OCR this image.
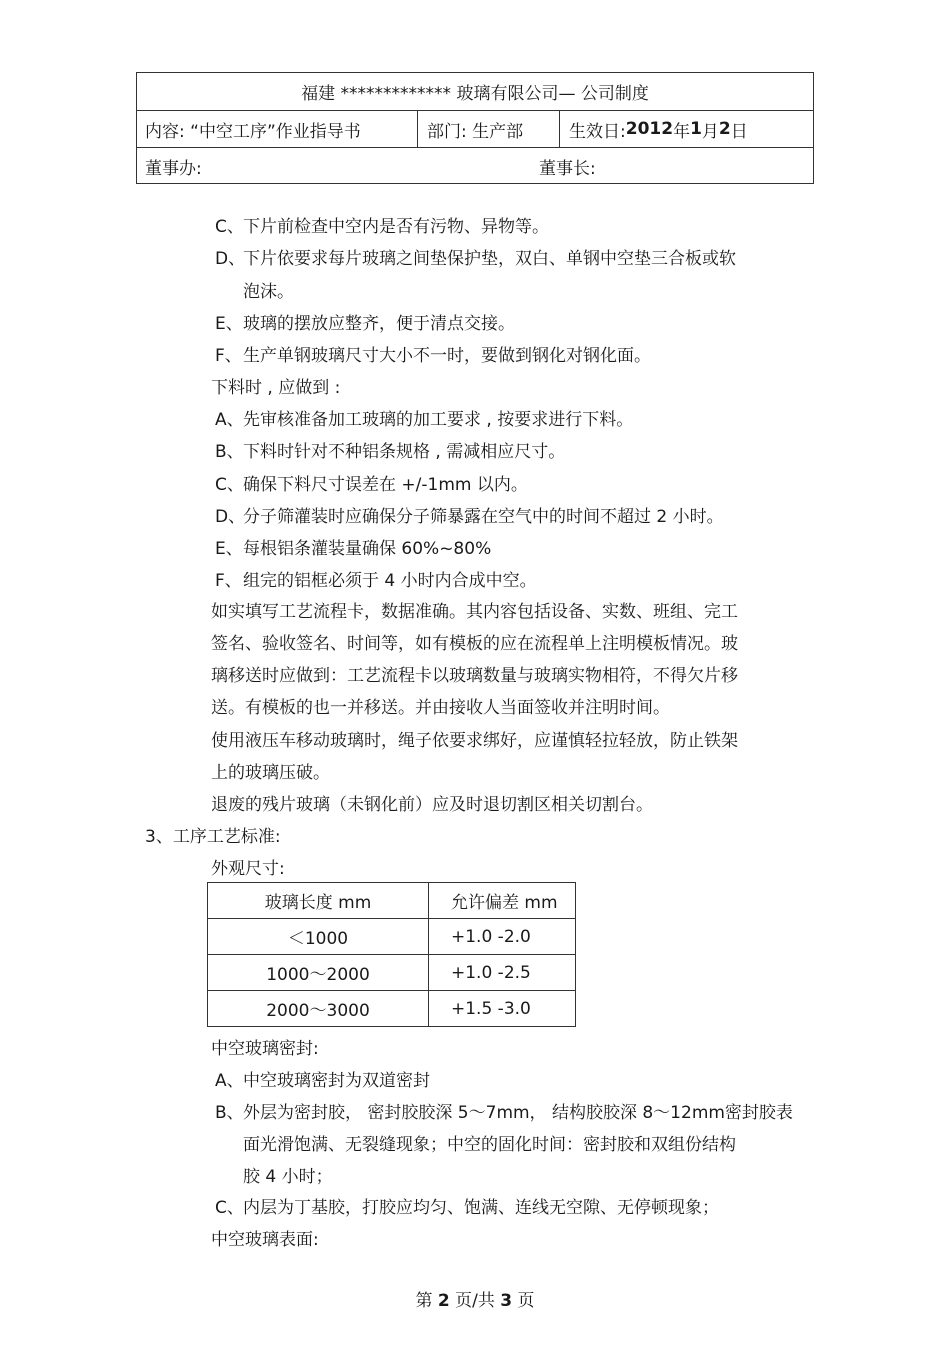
福建 ************* 玻璃有限公司— 公司制度
内容: “中空工序”作业指导书	部门: 生产部	生效日: 2012 年 1 月 2 日
董事办:	董事长:
C、下片前检查中空内是否有污物、异物等。
D、下片依要求每片玻璃之间垫保护垫，双白、单钢中空垫三合板或软
泡沫。
E、玻璃的摆放应整齐，便于清点交接。
F、生产单钢玻璃尺寸大小不一时，要做到钢化对钢化面。
下料时 , 应做到 :
A、先审核准备加工玻璃的加工要求 , 按要求进行下料。
B、下料时针对不种铝条规格 , 需减相应尺寸。
C、确保下料尺寸误差在 +/-1mm 以内。
D、分子筛灌装时应确保分子筛暴露在空气中的时间不超过 2 小时。
E、每根铝条灌装量确保 60%~80%
F、组完的铝框必须于 4 小时内合成中空。
如实填写工艺流程卡，数据准确。其内容包括设备、实数、班组、完工
签名、验收签名、时间等，如有模板的应在流程单上注明模板情况。玻
璃移送时应做到：工艺流程卡以玻璃数量与玻璃实物相符，不得欠片移
送。有模板的也一并移送。并由接收人当面签收并注明时间。
使用液压车移动玻璃时，绳子依要求绑好，应谨慎轻拉轻放，防止铁架
上的玻璃压破。
退废的残片玻璃（未钢化前）应及时退切割区相关切割台。
3、工序工艺标准:
外观尺寸:
玻璃长度 mm	允许偏差 mm
＜1000	+1.0 -2.0
1000～2000	+1.0 -2.5
2000～3000	+1.5 -3.0
中空玻璃密封:
A、中空玻璃密封为双道密封
B、外层为密封胶， 密封胶胶深 5～7mm， 结构胶胶深 8～12mm密封胶表
面光滑饱满、无裂缝现象；中空的固化时间：密封胶和双组份结构
胶 4 小时；
C、内层为丁基胶，打胶应均匀、饱满、连线无空隙、无停顿现象；
中空玻璃表面:
第 2 页/共 3 页
